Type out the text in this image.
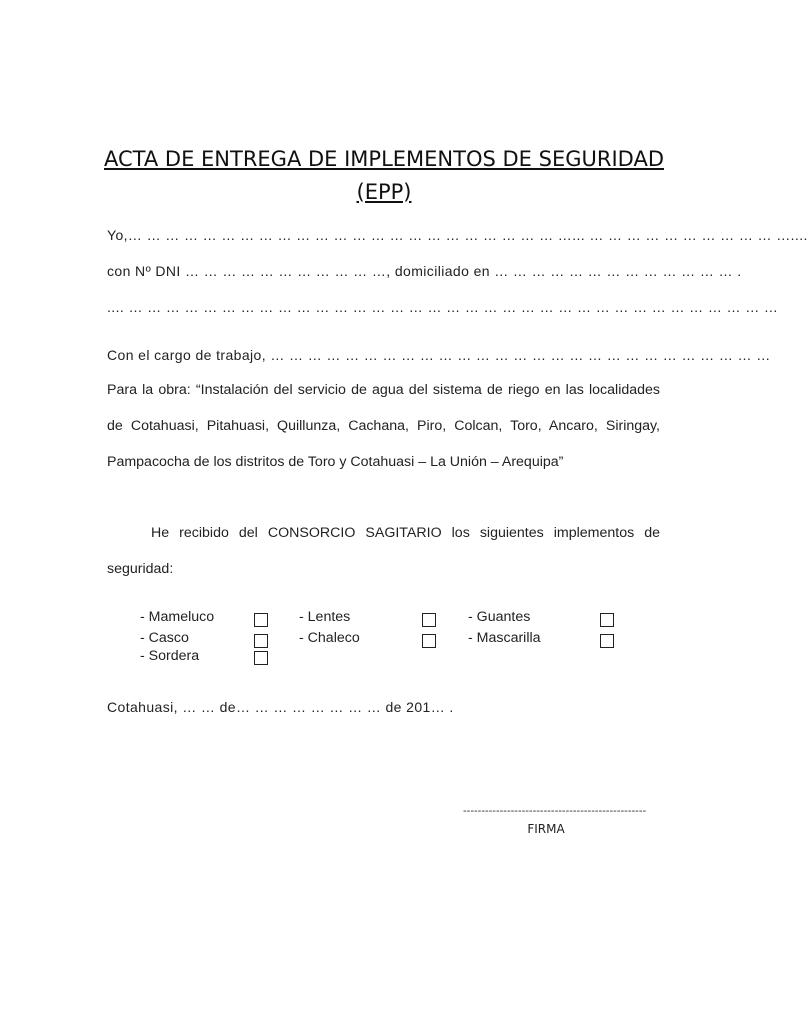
ACTA DE ENTREGA DE IMPLEMENTOS DE SEGURIDAD
(EPP)
Yo,… … … … … … … … … … … … … … … … … … … … … … … …... … … … … … … … … … … …....
con Nº DNI … … … … … … … … … … …, domiciliado en … … … … … … … … … … … … … .
.... … … … … … … … … … … … … … … … … … … … … … … … … … … … … … … … … … … …
Con el cargo de trabajo, … … … … … … … … … … … … … … … … … … … … … … … … … … …

Para la obra: “Instalación del servicio de agua del sistema de riego en las localidades de Cotahuasi, Pitahuasi, Quillunza, Cachana, Piro, Colcan, Toro, Ancaro, Siringay, Pampacocha de los distritos de Toro y Cotahuasi – La Unión – Arequipa”

He recibido del CONSORCIO SAGITARIO los siguientes implementos de seguridad:

- Mameluco	- Lentes	- Guantes
- Casco	- Chaleco	- Mascarilla
- Sordera
Cotahuasi, … … de… … … … … … … … de 201… .
--------------------------------------------------
FIRMA
